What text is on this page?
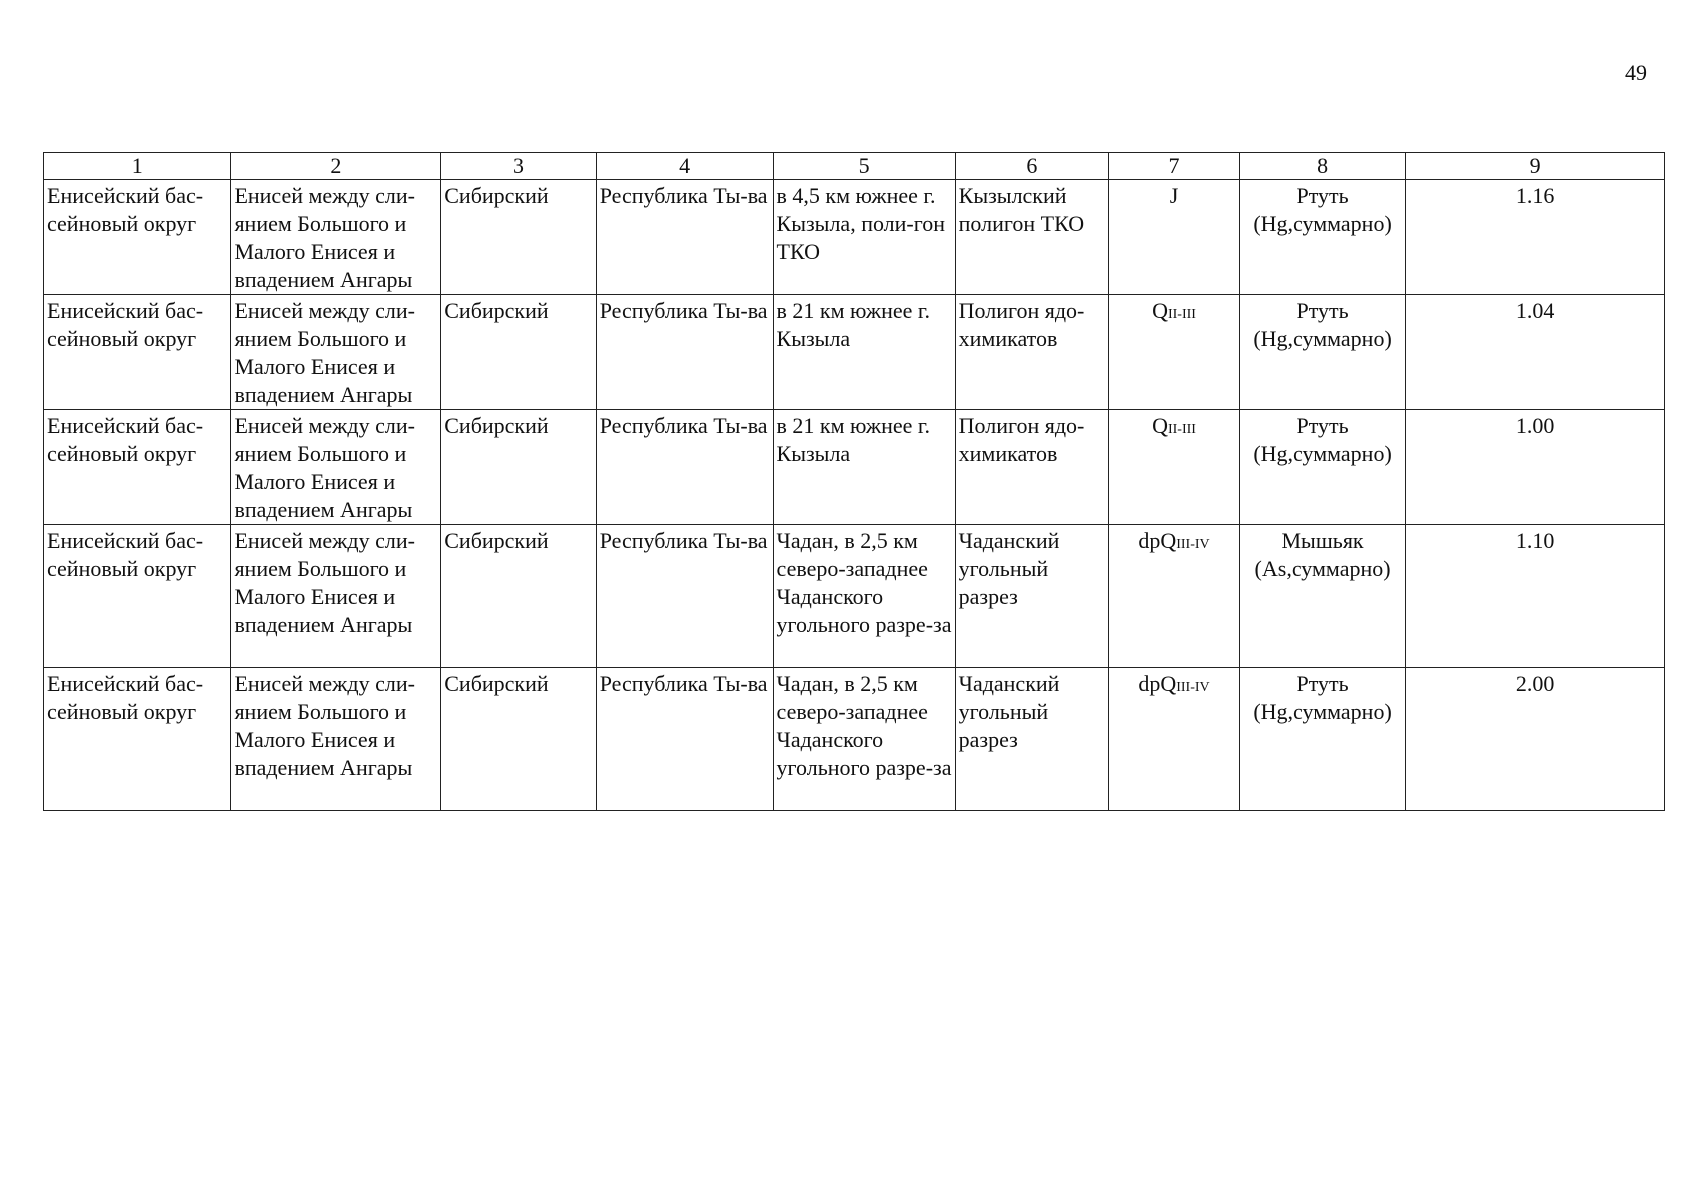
49
1	2	3	4	5	6	7	8	9
Енисейский бас-сейновый округ	Енисей между сли-янием Большого и Малого Енисея и впадением Ангары	Сибирский	Республика Ты-ва	в 4,5 км южнее г. Кызыла, поли-гон ТКО	Кызылский полигон ТКО	J	Ртуть (Hg,суммарно)	1.16
Енисейский бас-сейновый округ	Енисей между сли-янием Большого и Малого Енисея и впадением Ангары	Сибирский	Республика Ты-ва	в 21 км южнее г. Кызыла	Полигон ядо-химикатов	QII-III	Ртуть (Hg,суммарно)	1.04
Енисейский бас-сейновый округ	Енисей между сли-янием Большого и Малого Енисея и впадением Ангары	Сибирский	Республика Ты-ва	в 21 км южнее г. Кызыла	Полигон ядо-химикатов	QII-III	Ртуть (Hg,суммарно)	1.00
Енисейский бас-сейновый округ	Енисей между сли-янием Большого и Малого Енисея и впадением Ангары	Сибирский	Республика Ты-ва	Чадан, в 2,5 км северо-западнее Чаданского угольного разре-за	Чаданский угольный разрез	dpQIII-IV	Мышьяк (As,суммарно)	1.10
Енисейский бас-сейновый округ	Енисей между сли-янием Большого и Малого Енисея и впадением Ангары	Сибирский	Республика Ты-ва	Чадан, в 2,5 км северо-западнее Чаданского угольного разре-за	Чаданский угольный разрез	dpQIII-IV	Ртуть (Hg,суммарно)	2.00
